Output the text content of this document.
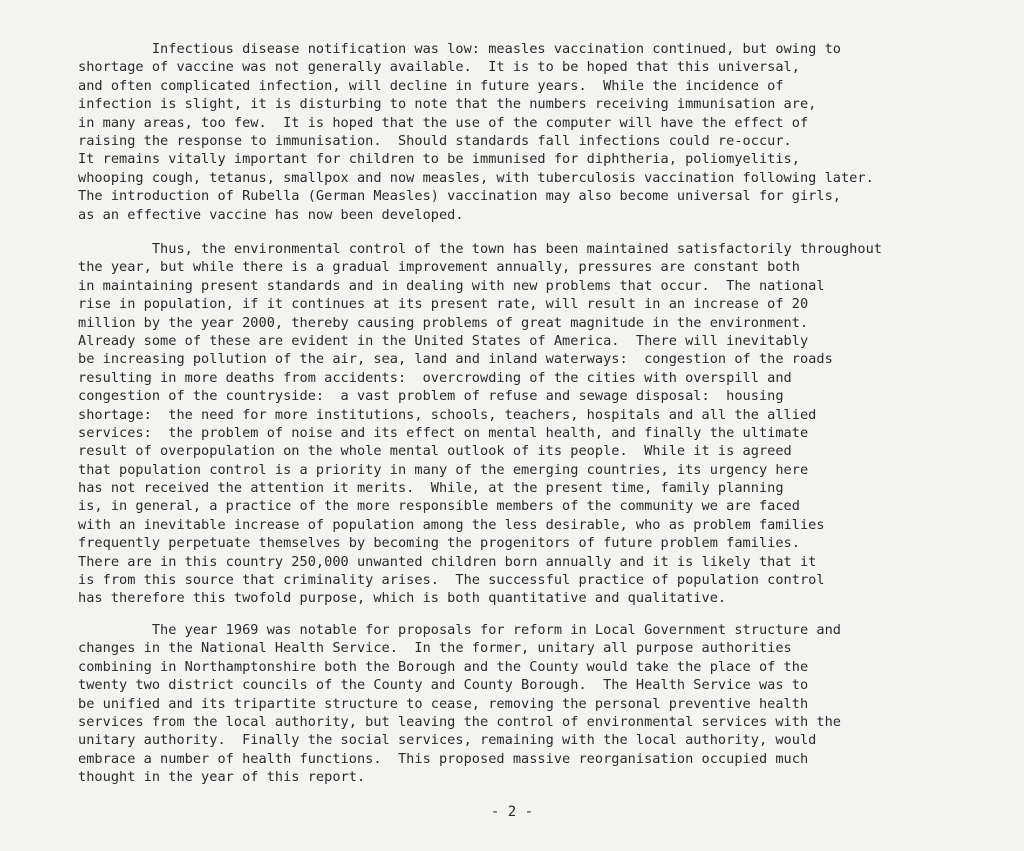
Infectious disease notification was low: measles vaccination continued, but owing to
shortage of vaccine was not generally available.  It is to be hoped that this universal,
and often complicated infection, will decline in future years.  While the incidence of
infection is slight, it is disturbing to note that the numbers receiving immunisation are,
in many areas, too few.  It is hoped that the use of the computer will have the effect of
raising the response to immunisation.  Should standards fall infections could re-occur.
It remains vitally important for children to be immunised for diphtheria, poliomyelitis,
whooping cough, tetanus, smallpox and now measles, with tuberculosis vaccination following later.
The introduction of Rubella (German Measles) vaccination may also become universal for girls,
as an effective vaccine has now been developed.
Thus, the environmental control of the town has been maintained satisfactorily throughout
the year, but while there is a gradual improvement annually, pressures are constant both
in maintaining present standards and in dealing with new problems that occur.  The national
rise in population, if it continues at its present rate, will result in an increase of 20
million by the year 2000, thereby causing problems of great magnitude in the environment.
Already some of these are evident in the United States of America.  There will inevitably
be increasing pollution of the air, sea, land and inland waterways:  congestion of the roads
resulting in more deaths from accidents:  overcrowding of the cities with overspill and
congestion of the countryside:  a vast problem of refuse and sewage disposal:  housing
shortage:  the need for more institutions, schools, teachers, hospitals and all the allied
services:  the problem of noise and its effect on mental health, and finally the ultimate
result of overpopulation on the whole mental outlook of its people.  While it is agreed
that population control is a priority in many of the emerging countries, its urgency here
has not received the attention it merits.  While, at the present time, family planning
is, in general, a practice of the more responsible members of the community we are faced
with an inevitable increase of population among the less desirable, who as problem families
frequently perpetuate themselves by becoming the progenitors of future problem families.
There are in this country 250,000 unwanted children born annually and it is likely that it
is from this source that criminality arises.  The successful practice of population control
has therefore this twofold purpose, which is both quantitative and qualitative.
The year 1969 was notable for proposals for reform in Local Government structure and
changes in the National Health Service.  In the former, unitary all purpose authorities
combining in Northamptonshire both the Borough and the County would take the place of the
twenty two district councils of the County and County Borough.  The Health Service was to
be unified and its tripartite structure to cease, removing the personal preventive health
services from the local authority, but leaving the control of environmental services with the
unitary authority.  Finally the social services, remaining with the local authority, would
embrace a number of health functions.  This proposed massive reorganisation occupied much
thought in the year of this report.
- 2 -
